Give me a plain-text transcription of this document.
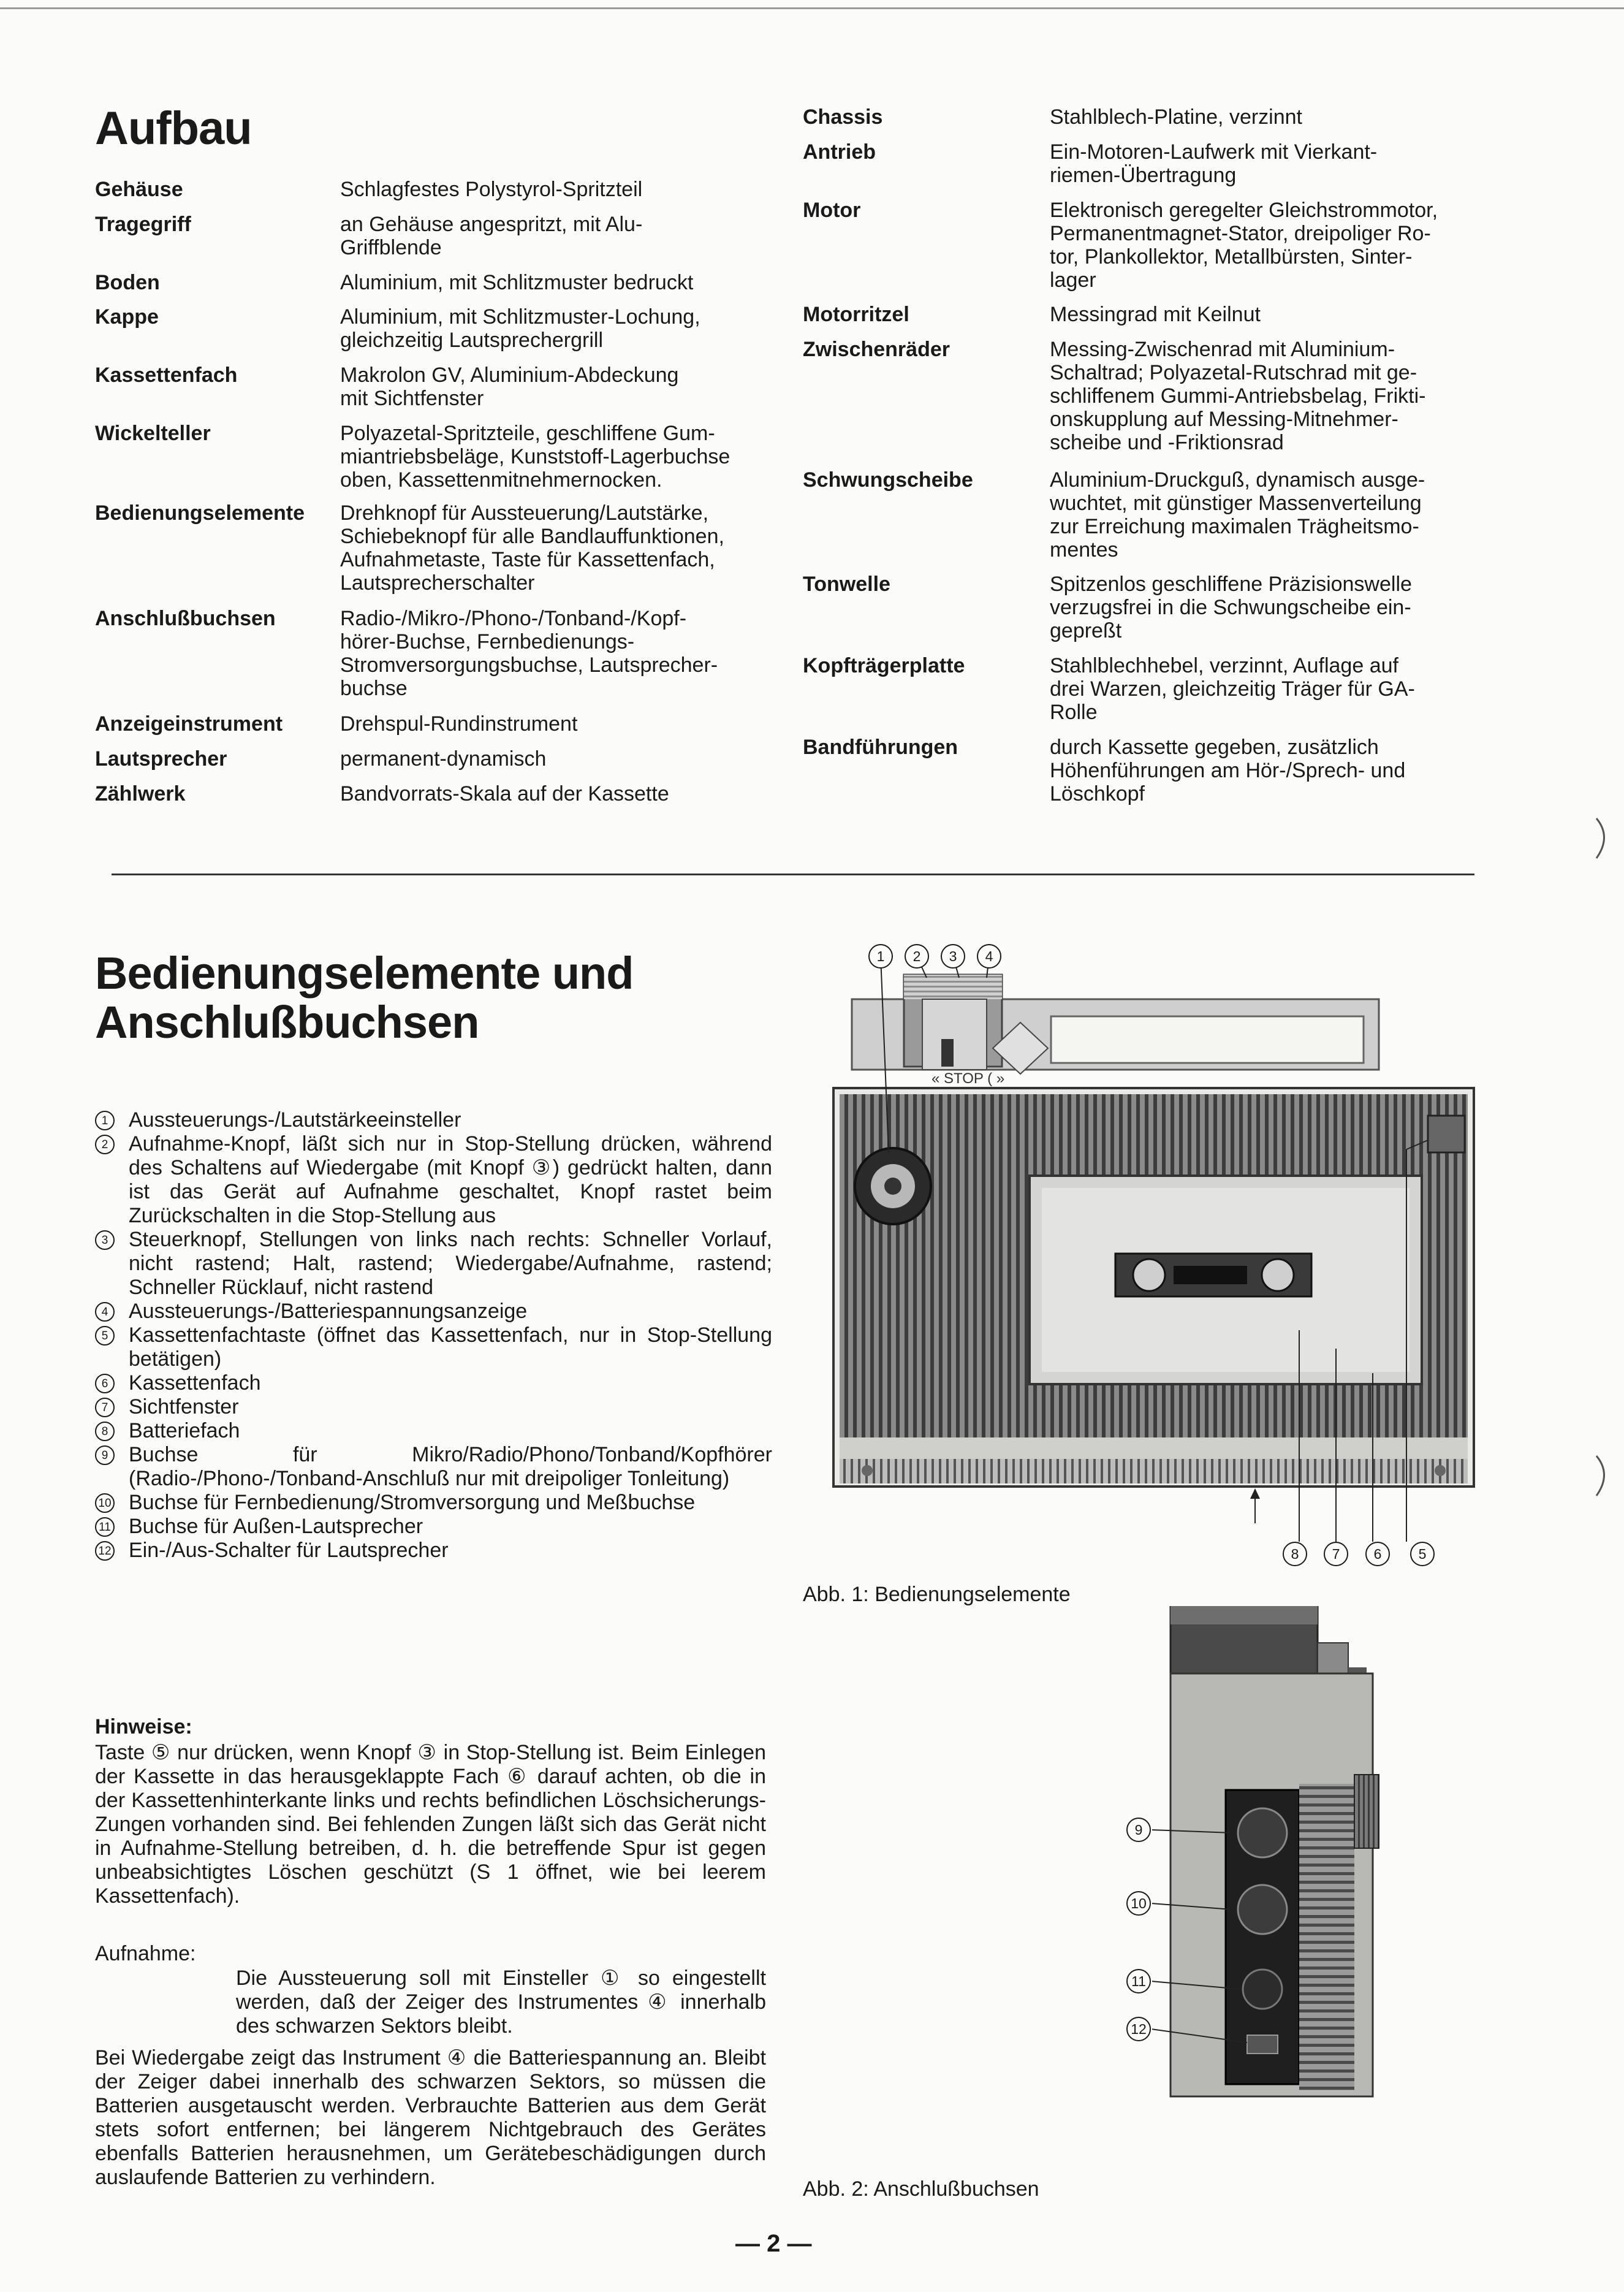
Aufbau
Gehäuse	Schlagfestes Polystyrol-Spritzteil
Tragegriff	an Gehäuse angespritzt, mit Alu-
Griffblende
Boden	Aluminium, mit Schlitzmuster bedruckt
Kappe	Aluminium, mit Schlitzmuster-Lochung,
gleichzeitig Lautsprechergrill
Kassettenfach	Makrolon GV, Aluminium-Abdeckung
mit Sichtfenster
Wickelteller	Polyazetal-Spritzteile, geschliffene Gum-
miantriebsbeläge, Kunststoff-Lagerbuchse
oben, Kassettenmitnehmernocken.
Bedienungselemente Drehknopf für Aussteuerung/Lautstärke,
Schiebeknopf für alle Bandlauffunktionen,
Aufnahmetaste, Taste für Kassettenfach,
Lautsprecherschalter
Anschlußbuchsen	Radio-/Mikro-/Phono-/Tonband-/Kopf-
hörer-Buchse, Fernbedienungs-
Stromversorgungsbuchse, Lautsprecher-
buchse
Anzeigeinstrument	Drehspul-Rundinstrument
Lautsprecher	permanent-dynamisch
Zählwerk	Bandvorrats-Skala auf der Kassette
Chassis	Stahlblech-Platine, verzinnt
Antrieb	Ein-Motoren-Laufwerk mit Vierkant-
riemen-Übertragung
Motor	Elektronisch geregelter Gleichstrommotor,
Permanentmagnet-Stator, dreipoliger Ro-
tor, Plankollektor, Metallbürsten, Sinter-
lager
Motorritzel	Messingrad mit Keilnut
Zwischenräder	Messing-Zwischenrad mit Aluminium-
Schaltrad; Polyazetal-Rutschrad mit ge-
schliffenem Gummi-Antriebsbelag, Frikti-
onskupplung auf Messing-Mitnehmer-
scheibe und -Friktionsrad
Schwungscheibe	Aluminium-Druckguß, dynamisch ausge-
wuchtet, mit günstiger Massenverteilung
zur Erreichung maximalen Trägheitsmo-
mentes
Tonwelle	Spitzenlos geschliffene Präzisionswelle
verzugsfrei in die Schwungscheibe ein-
gepreßt
Kopfträgerplatte	Stahlblechhebel, verzinnt, Auflage auf
drei Warzen, gleichzeitig Träger für GA-
Rolle
Bandführungen	durch Kassette gegeben, zusätzlich
Höhenführungen am Hör-/Sprech- und
Löschkopf
Bedienungselemente und
Anschlußbuchsen
1 Aussteuerungs-/Lautstärkeeinsteller
2 Aufnahme-Knopf, läßt sich nur in Stop-Stellung drücken, während des Schaltens auf Wiedergabe (mit Knopf ③) gedrückt halten, dann ist das Gerät auf Aufnahme geschaltet, Knopf rastet beim Zurückschalten in die Stop-Stellung aus
3 Steuerknopf, Stellungen von links nach rechts: Schneller Vorlauf, nicht rastend; Halt, rastend; Wiedergabe/Aufnahme, rastend; Schneller Rücklauf, nicht rastend
4 Aussteuerungs-/Batteriespannungsanzeige
5 Kassettenfachtaste (öffnet das Kassettenfach, nur in Stop-Stellung betätigen)
6 Kassettenfach
7 Sichtfenster
8 Batteriefach
9 Buchse für Mikro/Radio/Phono/Tonband/Kopfhörer (Radio-/Phono-/Tonband-Anschluß nur mit dreipoliger Tonleitung)
10 Buchse für Fernbedienung/Stromversorgung und Meßbuchse
11 Buchse für Außen-Lautsprecher
12 Ein-/Aus-Schalter für Lautsprecher
Hinweise:
Taste ⑤ nur drücken, wenn Knopf ③ in Stop-Stellung ist. Beim Einlegen der Kassette in das herausgeklappte Fach ⑥ darauf achten, ob die in der Kassettenhinterkante links und rechts befindlichen Löschsicherungs-Zungen vorhanden sind. Bei fehlenden Zungen läßt sich das Gerät nicht in Aufnahme-Stellung betreiben, d. h. die betreffende Spur ist gegen unbeabsichtigtes Löschen geschützt (S 1 öffnet, wie bei leerem Kassettenfach).
Aufnahme:
Die Aussteuerung soll mit Einsteller ① so eingestellt werden, daß der Zeiger des Instrumentes ④ innerhalb des schwarzen Sektors bleibt.
Bei Wiedergabe zeigt das Instrument ④ die Batteriespannung an. Bleibt der Zeiger dabei innerhalb des schwarzen Sektors, so müssen die Batterien ausgetauscht werden. Verbrauchte Batterien aus dem Gerät stets sofort entfernen; bei längerem Nichtgebrauch des Gerätes ebenfalls Batterien herausnehmen, um Gerätebeschädigungen durch auslaufende Batterien zu verhindern.
« STOP ( »
1	2	3	4
8	7	6	5
Abb. 1: Bedienungselemente
9
10
11
12
Abb. 2: Anschlußbuchsen
— 2 —
